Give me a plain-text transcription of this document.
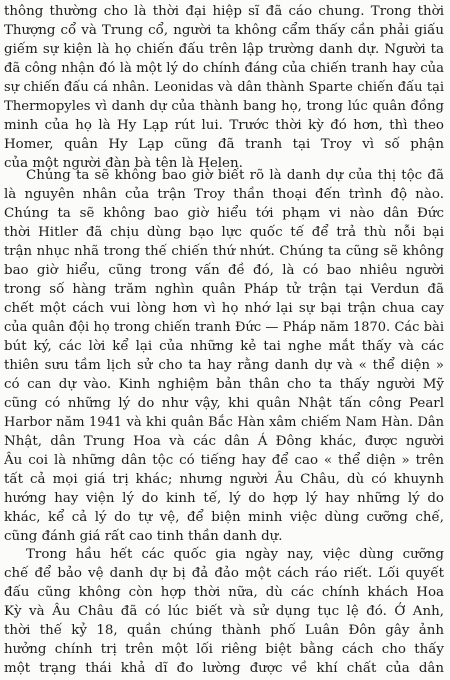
thông thường cho là thời đại hiệp sĩ đã cáo chung. Trong thời
Thượng cổ và Trung cổ, người ta không cẩm thấy cần phải giấu
giếm sự kiện là họ chiến đấu trên lập trường danh dự. Người ta
đã công nhận đó là một lý do chính đáng của chiến tranh hay của
sự chiến đấu cá nhân. Leonidas và dân thành Sparte chiến đấu tại
Thermopyles vì danh dự của thành bang họ, trong lúc quân đồng
minh của họ là Hy Lạp rút lui. Trước thời kỳ đó hơn, thì theo
Homer, quân Hy Lạp cũng đã tranh tại Troy vì số phận
của một người đàn bà tên là Helen.
Chúng ta sẽ không bao giờ biết rõ là danh dự của thị tộc đã
là nguyên nhân của trận Troy thần thoại đến trình độ nào.
Chúng ta sẽ không bao giờ hiểu tới phạm vi nào dân Đức
thời Hitler đã chịu dùng bạo lực quốc tế để trả thù nỗi bại
trận nhục nhã trong thế chiến thứ nhứt. Chúng ta cũng sẽ không
bao giờ hiểu, cũng trong vấn đề đó, là có bao nhiêu người
trong số hàng trăm nghìn quân Pháp tử trận tại Verdun đã
chết một cách vui lòng hơn vì họ nhớ lại sự bại trận chua cay
của quân đội họ trong chiến tranh Đức — Pháp năm 1870. Các bài
bút ký, các lời kể lại của những kẻ tai nghe mắt thấy và các
thiên sưu tầm lịch sử cho ta hay rằng danh dự và « thể diện »
có can dự vào. Kinh nghiệm bản thân cho ta thấy người Mỹ
cũng có những lý do như vậy, khi quân Nhật tấn công Pearl
Harbor năm 1941 và khi quân Bắc Hàn xâm chiếm Nam Hàn. Dân
Nhật, dân Trung Hoa và các dân Á Đông khác, được người
Âu coi là những dân tộc có tiếng hay để cao « thể diện » trên
tất cả mọi giá trị khác; nhưng người Âu Châu, dù có khuynh
hướng hay viện lý do kinh tế, lý do hợp lý hay những lý do
khác, kể cả lý do tự vệ, để biện minh việc dùng cưỡng chế,
cũng đánh giá rất cao tinh thần danh dự.
Trong hầu hết các quốc gia ngày nay, việc dùng cưỡng
chế để bảo vệ danh dự bị đả đảo một cách ráo riết. Lối quyết
đấu cũng không còn hợp thời nữa, dù các chính khách Hoa
Kỳ và Âu Châu đã có lúc biết và sử dụng tục lệ đó. Ở Anh,
thời thế kỷ 18, quần chúng thành phố Luân Đôn gây ảnh
hưởng chính trị trên một lối riêng biệt bằng cách cho thấy
một trạng thái khả dĩ đo lường được về khí chất của dân
